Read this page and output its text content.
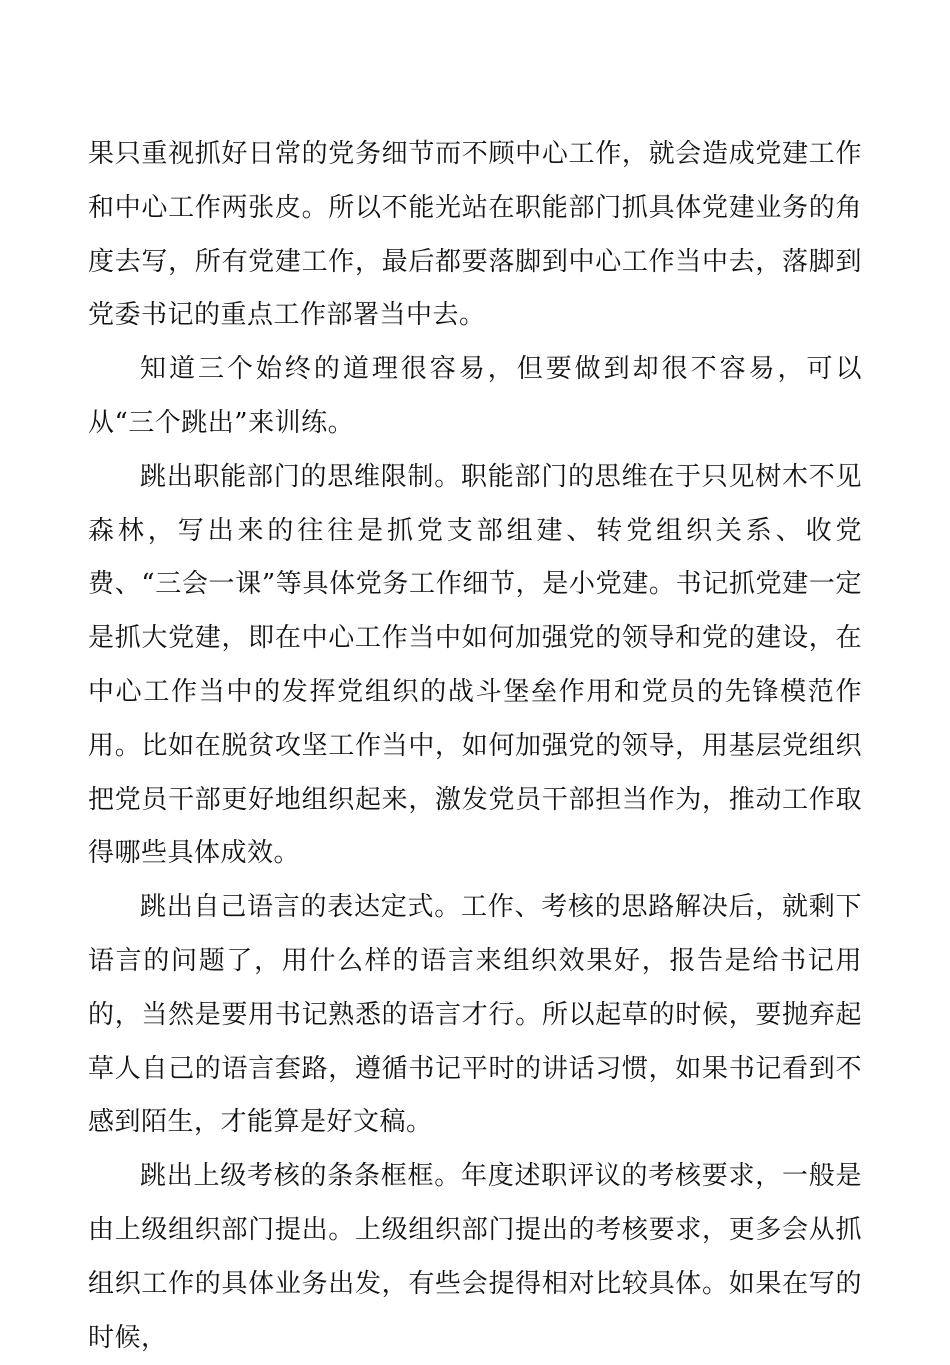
果只重视抓好日常的党务细节而不顾中心工作，就会造成党建工作和中心工作两张皮。所以不能光站在职能部门抓具体党建业务的角度去写，所有党建工作，最后都要落脚到中心工作当中去，落脚到党委书记的重点工作部署当中去。

知道三个始终的道理很容易，但要做到却很不容易，可以从“三个跳出”来训练。

跳出职能部门的思维限制。职能部门的思维在于只见树木不见森林，写出来的往往是抓党支部组建、转党组织关系、收党费、“三会一课”等具体党务工作细节，是小党建。书记抓党建一定是抓大党建，即在中心工作当中如何加强党的领导和党的建设，在中心工作当中的发挥党组织的战斗堡垒作用和党员的先锋模范作用。比如在脱贫攻坚工作当中，如何加强党的领导，用基层党组织把党员干部更好地组织起来，激发党员干部担当作为，推动工作取得哪些具体成效。

跳出自己语言的表达定式。工作、考核的思路解决后，就剩下语言的问题了，用什么样的语言来组织效果好，报告是给书记用的，当然是要用书记熟悉的语言才行。所以起草的时候，要抛弃起草人自己的语言套路，遵循书记平时的讲话习惯，如果书记看到不感到陌生，才能算是好文稿。

跳出上级考核的条条框框。年度述职评议的考核要求，一般是由上级组织部门提出。上级组织部门提出的考核要求，更多会从抓组织工作的具体业务出发，有些会提得相对比较具体。如果在写的时候，
